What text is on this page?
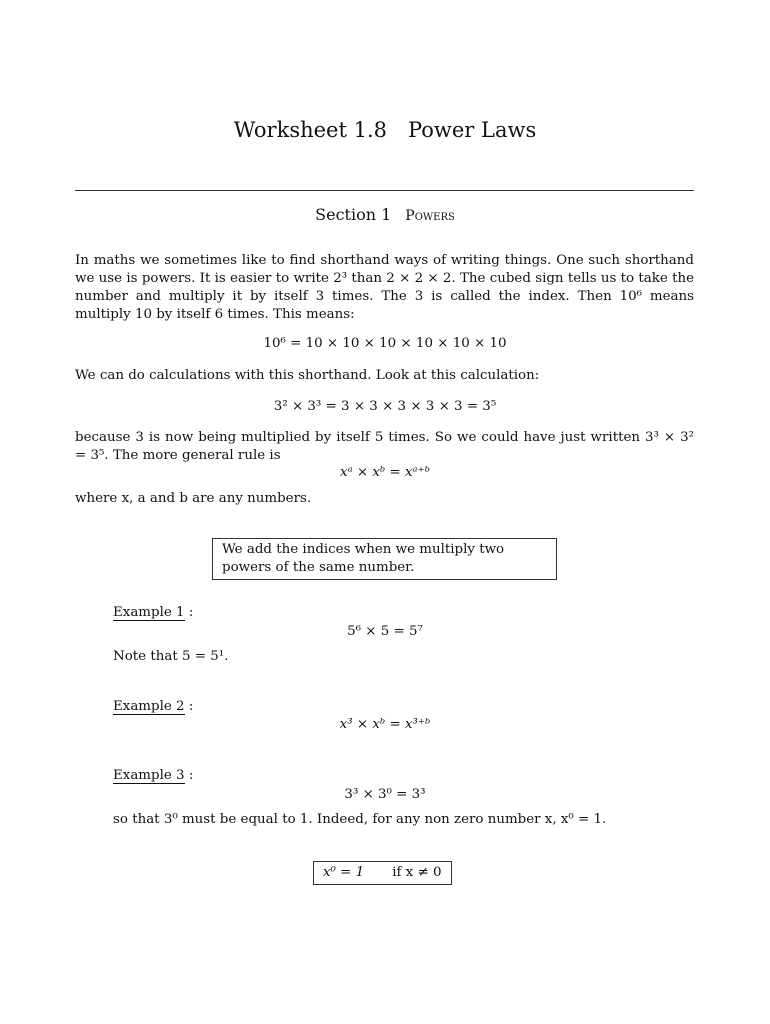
Worksheet 1.8 Power Laws
Section 1 Powers
In maths we sometimes like to find shorthand ways of writing things. One such shorthand we use is powers. It is easier to write 2³ than 2 × 2 × 2. The cubed sign tells us to take the number and multiply it by itself 3 times. The 3 is called the index. Then 10⁶ means multiply 10 by itself 6 times. This means:
10⁶ = 10 × 10 × 10 × 10 × 10 × 10
We can do calculations with this shorthand. Look at this calculation:
3² × 3³ = 3 × 3 × 3 × 3 × 3 = 3⁵
because 3 is now being multiplied by itself 5 times. So we could have just written 3³ × 3² = 3⁵. The more general rule is
xᵃ × xᵇ = xᵃ⁺ᵇ
where x, a and b are any numbers.
We add the indices when we multiply two powers of the same number.
Example 1 :
5⁶ × 5 = 5⁷
Note that 5 = 5¹.
Example 2 :
x³ × xᵇ = x³⁺ᵇ
Example 3 :
3³ × 3⁰ = 3³
so that 3⁰ must be equal to 1. Indeed, for any non zero number x, x⁰ = 1.
x⁰ = 1 if x ≠ 0
